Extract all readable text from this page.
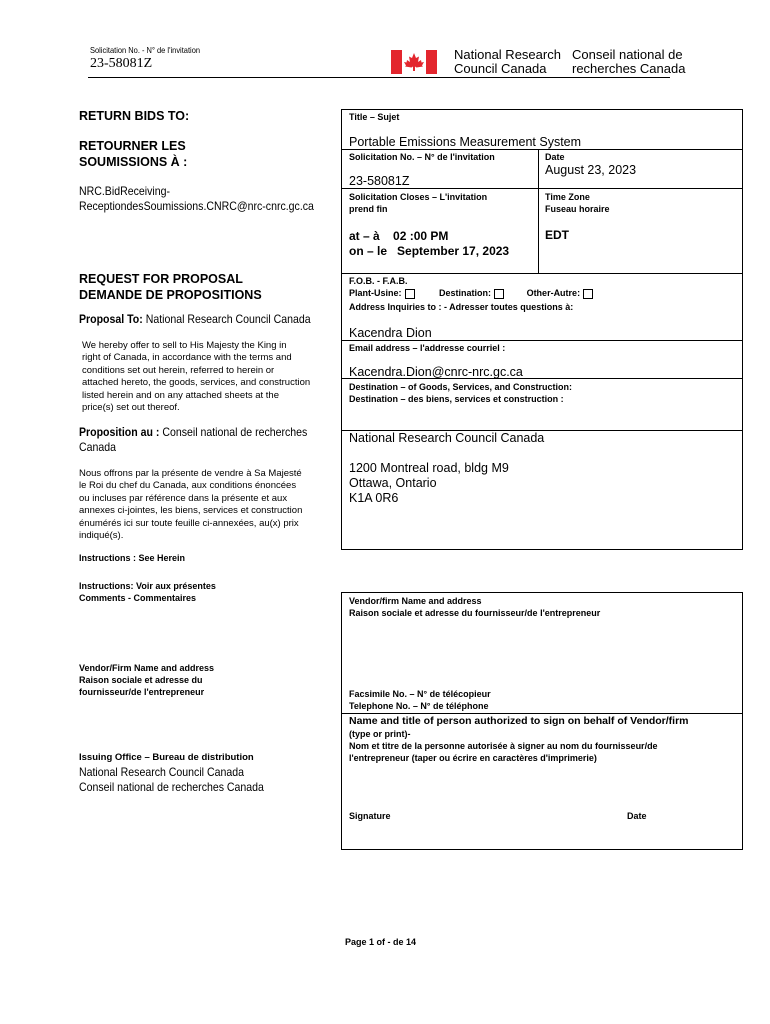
Solicitation No. - N° de l'invitation
23-58081Z
National Research
Council Canada
Conseil national de
recherches Canada
RETURN BIDS TO:
RETOURNER LES
SOUMISSIONS À :
NRC.BidReceiving-
ReceptiondesSoumissions.CNRC@nrc-cnrc.gc.ca
REQUEST FOR PROPOSAL
DEMANDE DE PROPOSITIONS
Proposal To: National Research Council Canada
We hereby offer to sell to His Majesty the King in
right of Canada, in accordance with the terms and
conditions set out herein, referred to herein or
attached hereto, the goods, services, and construction
listed herein and on any attached sheets at the
price(s) set out thereof.
Proposition au : Conseil national de recherches
Canada
Nous offrons par la présente de vendre à Sa Majesté
le Roi du chef du Canada, aux conditions énoncées
ou incluses par référence dans la présente et aux
annexes ci-jointes, les biens, services et construction
énumérés ici sur toute feuille ci-annexées, au(x) prix
indiqué(s).
Instructions : See Herein
Instructions: Voir aux présentes
Comments - Commentaires
Vendor/Firm Name and address
Raison sociale et adresse du
fournisseur/de l'entrepreneur
Issuing Office – Bureau de distribution
National Research Council Canada
Conseil national de recherches Canada
Title – Sujet
Portable Emissions Measurement System
Solicitation No. – N° de l'invitation
23-58081Z
Date
August 23, 2023
Solicitation Closes – L'invitation
prend fin
Time Zone
Fuseau horaire
at – à 02 :00 PM
on – le September 17, 2023
EDT
F.O.B. - F.A.B.
Plant-Usine:	Destination:	Other-Autre:
Address Inquiries to : - Adresser toutes questions à:
Kacendra Dion
Email address – l'addresse courriel :
Kacendra.Dion@cnrc-nrc.gc.ca
Destination – of Goods, Services, and Construction:
Destination – des biens, services et construction :
National Research Council Canada
1200 Montreal road, bldg M9
Ottawa, Ontario
K1A 0R6
Vendor/firm Name and address
Raison sociale et adresse du fournisseur/de l'entrepreneur
Facsimile No. – N° de télécopieur
Telephone No. – N° de téléphone
Name and title of person authorized to sign on behalf of Vendor/firm
(type or print)-
Nom et titre de la personne autorisée à signer au nom du fournisseur/de
l'entrepreneur (taper ou écrire en caractères d'imprimerie)
Signature	Date
Page 1 of - de 14
